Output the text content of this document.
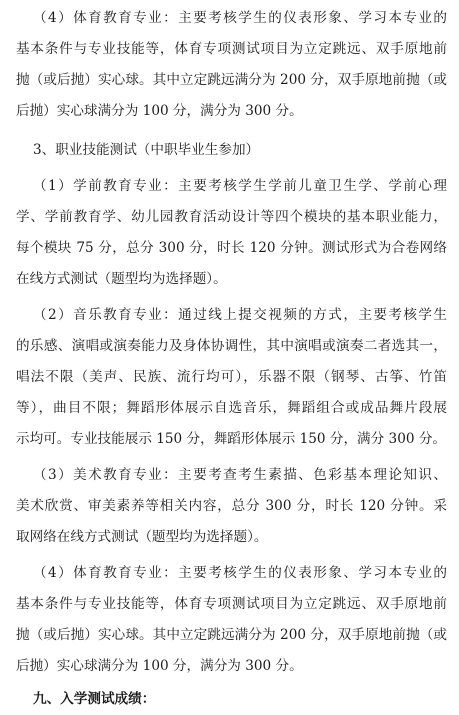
（4）体育教育专业：主要考核学生的仪表形象、学习本专业的
基本条件与专业技能等，体育专项测试项目为立定跳远、双手原地前
抛（或后抛）实心球。其中立定跳远满分为 200 分，双手原地前抛（或
后抛）实心球满分为 100 分，满分为 300 分。
3、职业技能测试（中职毕业生参加）
（1）学前教育专业：主要考核学生学前儿童卫生学、学前心理
学、学前教育学、幼儿园教育活动设计等四个模块的基本职业能力，
每个模块 75 分，总分 300 分，时长 120 分钟。测试形式为合卷网络
在线方式测试（题型均为选择题）。
（2）音乐教育专业：通过线上提交视频的方式，主要考核学生
的乐感、演唱或演奏能力及身体协调性，其中演唱或演奏二者选其一，
唱法不限（美声、民族、流行均可），乐器不限（钢琴、古筝、竹笛
等），曲目不限；舞蹈形体展示自选音乐，舞蹈组合或成品舞片段展
示均可。专业技能展示 150 分，舞蹈形体展示 150 分，满分 300 分。
（3）美术教育专业：主要考查考生素描、色彩基本理论知识、
美术欣赏、审美素养等相关内容，总分 300 分，时长 120 分钟。采
取网络在线方式测试（题型均为选择题）。
（4）体育教育专业：主要考核学生的仪表形象、学习本专业的
基本条件与专业技能等，体育专项测试项目为立定跳远、双手原地前
抛（或后抛）实心球。其中立定跳远满分为 200 分，双手原地前抛（或
后抛）实心球满分为 100 分，满分为 300 分。
九、入学测试成绩：
